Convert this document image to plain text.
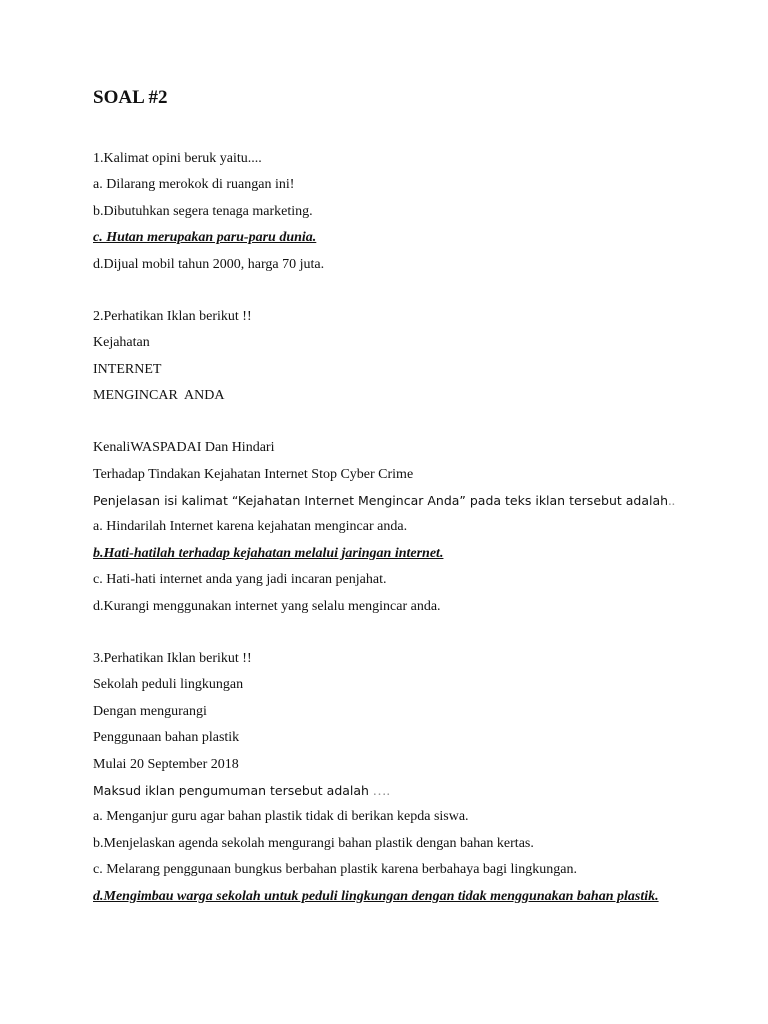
SOAL #2
1.Kalimat opini beruk yaitu....
a. Dilarang merokok di ruangan ini!
b.Dibutuhkan segera tenaga marketing.
c. Hutan merupakan paru-paru dunia.
d.Dijual mobil tahun 2000, harga 70 juta.
2.Perhatikan Iklan berikut !!
Kejahatan
INTERNET
MENGINCAR  ANDA
KenaliWASPADAI Dan Hindari
Terhadap Tindakan Kejahatan Internet Stop Cyber Crime
Penjelasan isi kalimat “Kejahatan Internet Mengincar Anda” pada teks iklan tersebut adalah..
a. Hindarilah Internet karena kejahatan mengincar anda.
b.Hati-hatilah terhadap kejahatan melalui jaringan internet.
c. Hati-hati internet anda yang jadi incaran penjahat.
d.Kurangi menggunakan internet yang selalu mengincar anda.
3.Perhatikan Iklan berikut !!
Sekolah peduli lingkungan
Dengan mengurangi
Penggunaan bahan plastik
Mulai 20 September 2018
Maksud iklan pengumuman tersebut adalah ….
a. Menganjur guru agar bahan plastik tidak di berikan kepda siswa.
b.Menjelaskan agenda sekolah mengurangi bahan plastik dengan bahan kertas.
c. Melarang penggunaan bungkus berbahan plastik karena berbahaya bagi lingkungan.
d.Mengimbau warga sekolah untuk peduli lingkungan dengan tidak menggunakan bahan plastik.
